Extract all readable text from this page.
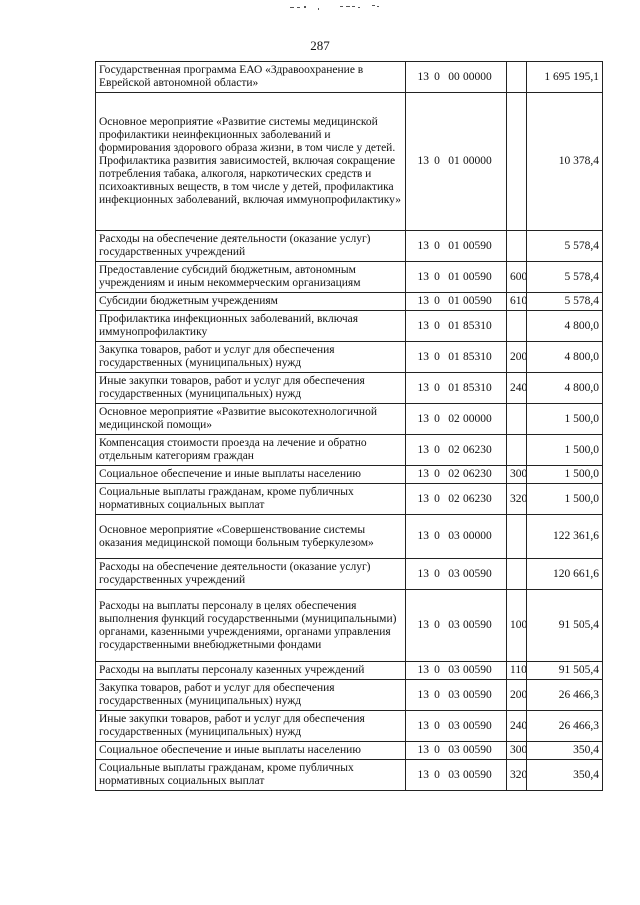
287
Государственная программа ЕАО «Здравоохранение в Еврейской автономной области»	13 0 00 00000		1 695 195,1
Основное мероприятие «Развитие системы медицинской профилактики неинфекционных заболеваний и формирования здорового образа жизни, в том числе у детей. Профилактика развития зависимостей, включая сокращение потребления табака, алкоголя, наркотических средств и психоактивных веществ, в том числе у детей, профилактика инфекционных заболеваний, включая иммунопрофилактику»	13 0 01 00000		10 378,4
Расходы на обеспечение деятельности (оказание услуг) государственных учреждений	13 0 01 00590		5 578,4
Предоставление субсидий бюджетным, автономным учреждениям и иным некоммерческим организациям	13 0 01 00590	600	5 578,4
Субсидии бюджетным учреждениям	13 0 01 00590	610	5 578,4
Профилактика инфекционных заболеваний, включая иммунопрофилактику	13 0 01 85310		4 800,0
Закупка товаров, работ и услуг для обеспечения государственных (муниципальных) нужд	13 0 01 85310	200	4 800,0
Иные закупки товаров, работ и услуг для обеспечения государственных (муниципальных) нужд	13 0 01 85310	240	4 800,0
Основное мероприятие «Развитие высокотехнологичной медицинской помощи»	13 0 02 00000		1 500,0
Компенсация стоимости проезда на лечение и обратно отдельным категориям граждан	13 0 02 06230		1 500,0
Социальное обеспечение и иные выплаты населению	13 0 02 06230	300	1 500,0
Социальные выплаты гражданам, кроме публичных нормативных социальных выплат	13 0 02 06230	320	1 500,0
Основное мероприятие «Совершенствование системы оказания медицинской помощи больным туберкулезом»	13 0 03 00000		122 361,6
Расходы на обеспечение деятельности (оказание услуг) государственных учреждений	13 0 03 00590		120 661,6
Расходы на выплаты персоналу в целях обеспечения выполнения функций государственными (муниципальными) органами, казенными учреждениями, органами управления государственными внебюджетными фондами	13 0 03 00590	100	91 505,4
Расходы на выплаты персоналу казенных учреждений	13 0 03 00590	110	91 505,4
Закупка товаров, работ и услуг для обеспечения государственных (муниципальных) нужд	13 0 03 00590	200	26 466,3
Иные закупки товаров, работ и услуг для обеспечения государственных (муниципальных) нужд	13 0 03 00590	240	26 466,3
Социальное обеспечение и иные выплаты населению	13 0 03 00590	300	350,4
Социальные выплаты гражданам, кроме публичных нормативных социальных выплат	13 0 03 00590	320	350,4
